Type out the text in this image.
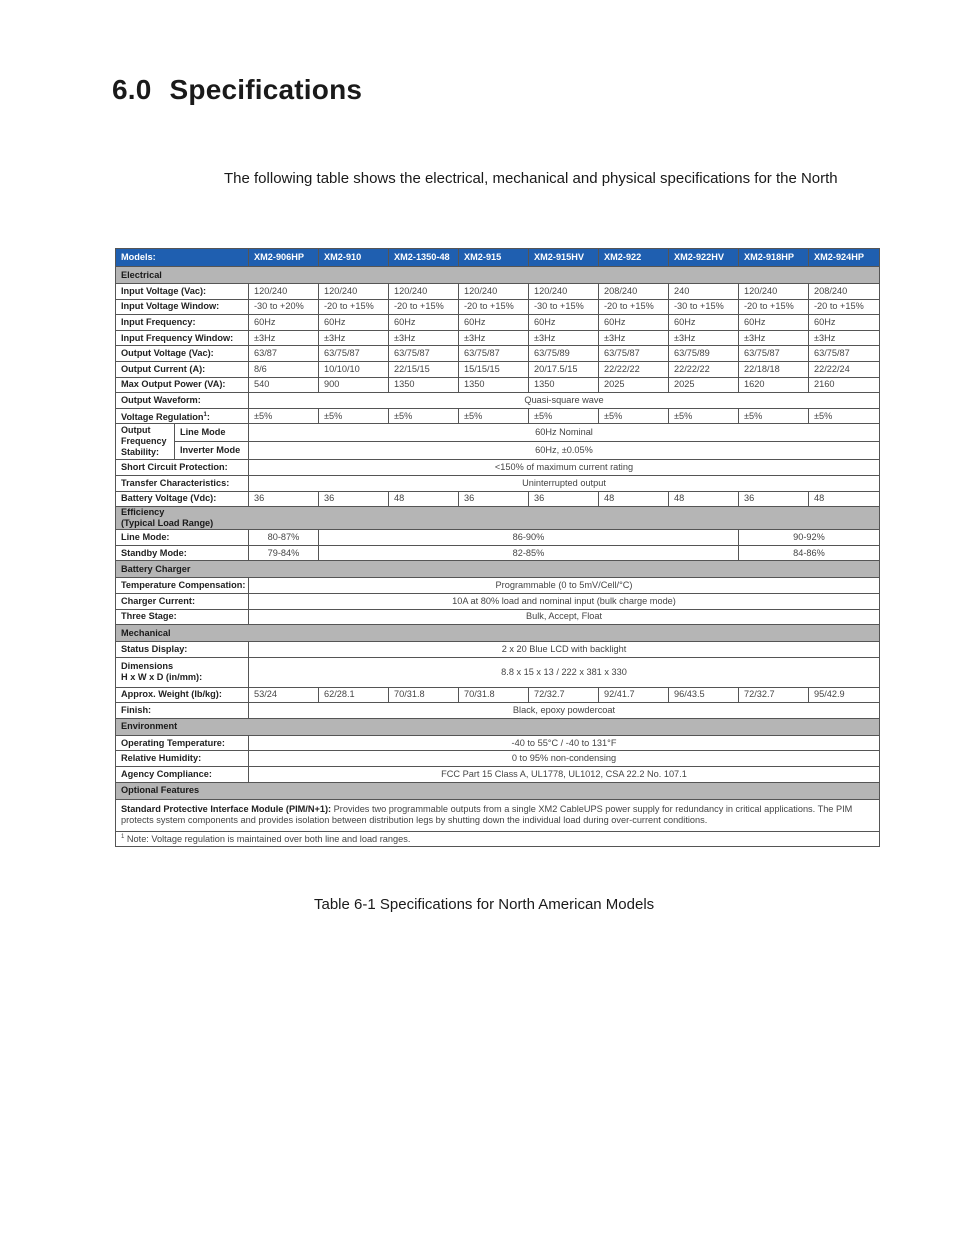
6.0 Specifications

The following table shows the electrical, mechanical and physical specifications for the North

Models:		XM2-906HP	XM2-910	XM2-1350-48	XM2-915	XM2-915HV	XM2-922	XM2-922HV	XM2-918HP	XM2-924HP
Electrical										
Input Voltage (Vac):		120/240	120/240	120/240	120/240	120/240	208/240	240	120/240	208/240
Input Voltage Window:		-30 to +20%	-20 to +15%	-20 to +15%	-20 to +15%	-30 to +15%	-20 to +15%	-30 to +15%	-20 to +15%	-20 to +15%
Input Frequency:		60Hz	60Hz	60Hz	60Hz	60Hz	60Hz	60Hz	60Hz	60Hz
Input Frequency Window:		±3Hz	±3Hz	±3Hz	±3Hz	±3Hz	±3Hz	±3Hz	±3Hz	±3Hz
Output Voltage (Vac):		63/87	63/75/87	63/75/87	63/75/87	63/75/89	63/75/87	63/75/89	63/75/87	63/75/87
Output Current (A):		8/6	10/10/10	22/15/15	15/15/15	20/17.5/15	22/22/22	22/22/22	22/18/18	22/22/24
Max Output Power (VA):		540	900	1350	1350	1350	2025	2025	1620	2160
Output Waveform:		Quasi-square wave								
Voltage Regulation$^1$:		±5%	±5%	±5%	±5%	±5%	±5%	±5%	±5%	±5%
Output Frequency Stability:	Line Mode	60Hz Nominal								
	Inverter Mode	60Hz, ±0.05%								
Short Circuit Protection:		<150% of maximum current rating								
Transfer Characteristics:		Uninterrupted output								
Battery Voltage (Vdc):		36	36	48	36	36	48	48	36	48
Efficiency
(Typical Load Range)										
Line Mode:		80-87%	86-90%						90-92%	
Standby Mode:		79-84%	82-85%						84-86%	
Battery Charger										
Temperature Compensation:		Programmable (0 to 5mV/Cell/°C)								
Charger Current:		10A at 80% load and nominal input (bulk charge mode)								
Three Stage:		Bulk, Accept, Float								
Mechanical										
Status Display:		2 x 20 Blue LCD with backlight								

Dimensions
H x W x D (in/mm):		8.8 x 15 x 13 / 222 x 381 x 330								
Approx. Weight (lb/kg):		53/24	62/28.1	70/31.8	70/31.8	72/32.7	92/41.7	96/43.5	72/32.7	95/42.9
Finish:		Black, epoxy powdercoat								
Environment										
Operating Temperature:		-40 to 55°C / -40 to 131°F								
Relative Humidity:		0 to 95% non-condensing								
Agency Compliance:		FCC Part 15 Class A, UL1778, UL1012, CSA 22.2 No. 107.1								
Optional Features										
Standard Protective Interface Module (PIM/N+1): Provides two programmable outputs from a single XM2 CableUPS power supply for redundancy in critical applications. The PIM protects system components and provides isolation between distribution legs by shutting down the individual load during over-current conditions.										
$^1$ Note: Voltage regulation is maintained over both line and load ranges.										

Table 6-1 Specifications for North American Models
